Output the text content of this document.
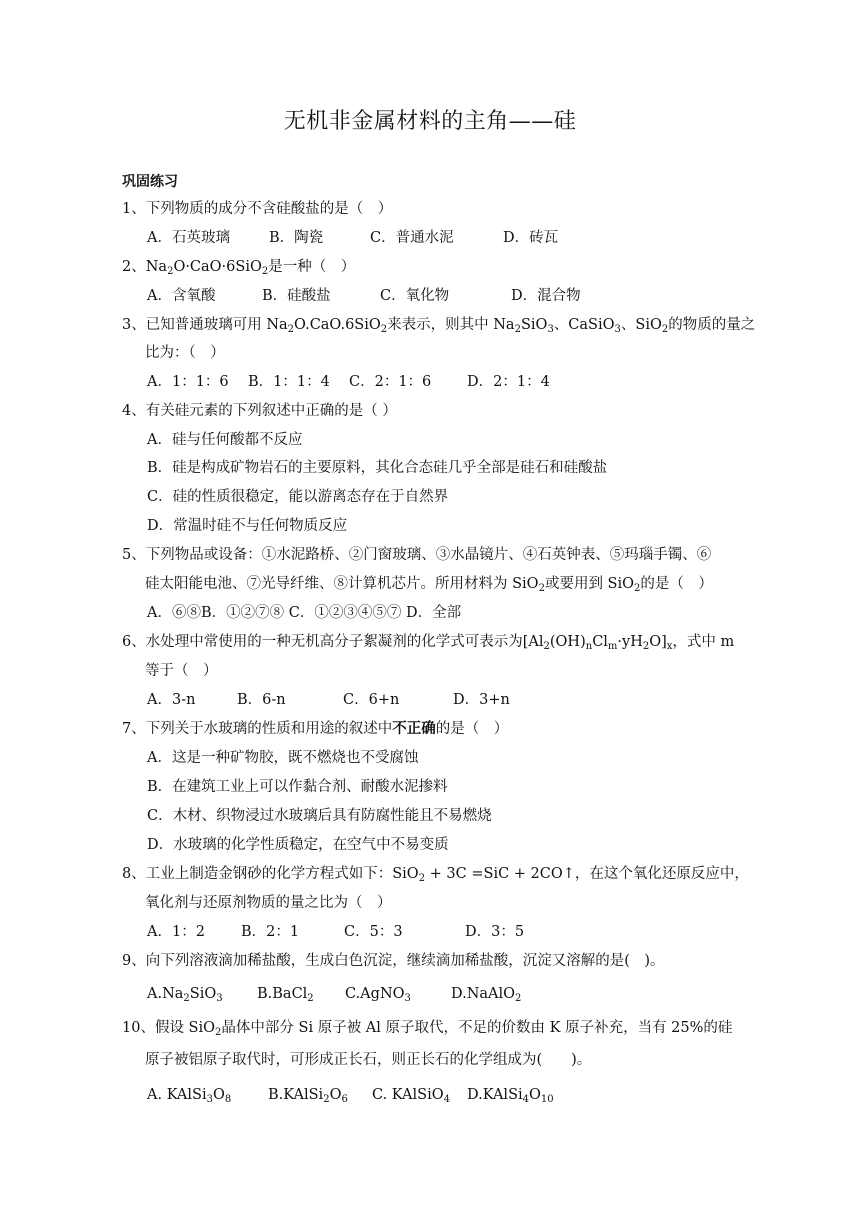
无机非金属材料的主角——硅
巩固练习
1、下列物质的成分不含硅酸盐的是（　）
A．石英玻璃	B．陶瓷	C．普通水泥	D．砖瓦
2、$Na_2O\cdot CaO\cdot 6SiO_2$是一种（　）
A．含氧酸	B．硅酸盐	C．氧化物	D．混合物
3、已知普通玻璃可用 $Na_2O.CaO.6SiO_2$来表示，则其中 $Na_2SiO_3$、CaSiO$_3$、SiO$_2$的物质的量之
比为：（　）
A．1：1：6 B．1：1：4 C．2：1：6 D．2：1：4
4、有关硅元素的下列叙述中正确的是（ ）
A．硅与任何酸都不反应
B．硅是构成矿物岩石的主要原料，其化合态硅几乎全部是硅石和硅酸盐
C．硅的性质很稳定，能以游离态存在于自然界
D．常温时硅不与任何物质反应
5、下列物品或设备：①水泥路桥、②门窗玻璃、③水晶镜片、④石英钟表、⑤玛瑙手镯、⑥
硅太阳能电池、⑦光导纤维、⑧计算机芯片。所用材料为 SiO$_2$或要用到 SiO$_2$的是（　）
A．⑥⑧B．①②⑦⑧ C．①②③④⑤⑦ D．全部
6、水处理中常使用的一种无机高分子絮凝剂的化学式可表示为$[Al_2(OH)_nCl_m\cdot yH_2O]_x$，式中 m
等于（　）
A．3-n	B．6-n	C．6+n	D．3+n
7、下列关于水玻璃的性质和用途的叙述中不正确的是（　）
A．这是一种矿物胶，既不燃烧也不受腐蚀
B．在建筑工业上可以作黏合剂、耐酸水泥掺料
C．木材、织物浸过水玻璃后具有防腐性能且不易燃烧
D．水玻璃的化学性质稳定，在空气中不易变质
8、工业上制造金钢砂的化学方程式如下：SiO$_2$ + 3C =SiC + 2CO↑，在这个氧化还原反应中，
氧化剂与还原剂物质的量之比为（　）
A．1：2 B．2：1	C．5：3	D．3：5
9、向下列溶液滴加稀盐酸，生成白色沉淀，继续滴加稀盐酸，沉淀又溶解的是(　)。
$A.Na_2SiO_3$ B.BaCl$_2$ C.AgNO$_3$	D.NaAlO$_2$
10、假设 SiO$_2$晶体中部分 Si 原子被 Al 原子取代，不足的价数由 K 原子补充，当有 25%的硅
原子被铝原子取代时，可形成正长石，则正长石的化学组成为(　　)。
A. $KAlSi_3O_8$	$B.KAlSi_2O_6$ C. KAlSiO$_4$ $D.KAlSi_4O_{10}$
